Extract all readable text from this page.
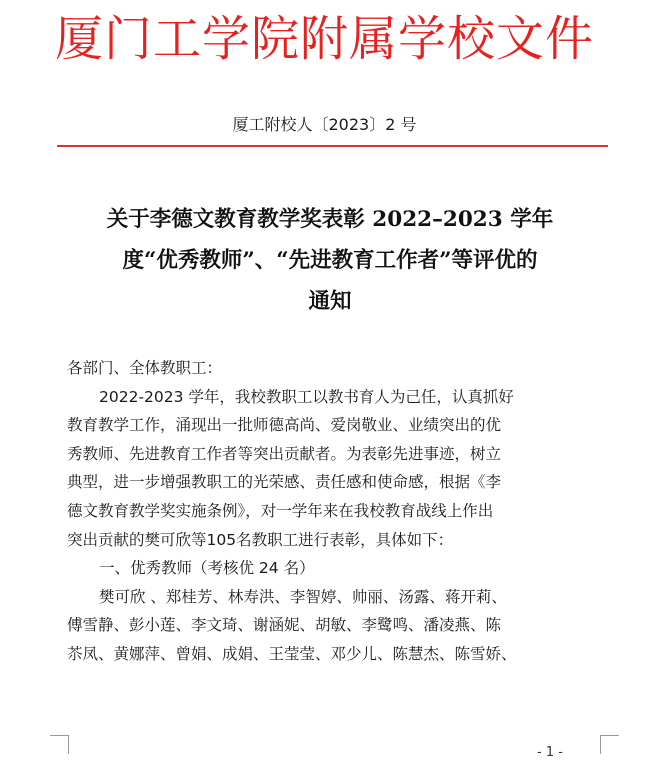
厦门工学院附属学校文件
厦工附校人〔2023〕2 号
关于李德文教育教学奖表彰 2022–2023 学年
度“优秀教师”、“先进教育工作者”等评优的
通知

各部门、全体教职工：

2022-2023 学年，我校教职工以教书育人为己任，认真抓好

教育教学工作，涌现出一批师德高尚、爱岗敬业、业绩突出的优

秀教师、先进教育工作者等突出贡献者。为表彰先进事迹，树立

典型，进一步增强教职工的光荣感、责任感和使命感，根据《李

德文教育教学奖实施条例》，对一学年来在我校教育战线上作出

突出贡献的樊可欣等105名教职工进行表彰，具体如下：

一、优秀教师（考核优 24 名）

樊可欣 、郑桂芳、林寿洪、李智婷、帅丽、汤露、蒋开莉、

傅雪静、彭小莲、李文琦、谢涵妮、胡敏、李鹭鸣、潘凌燕、陈

苶凤、黄娜萍、曾娟、成娟、王莹莹、邓少儿、陈慧杰、陈雪娇、

- 1 -
